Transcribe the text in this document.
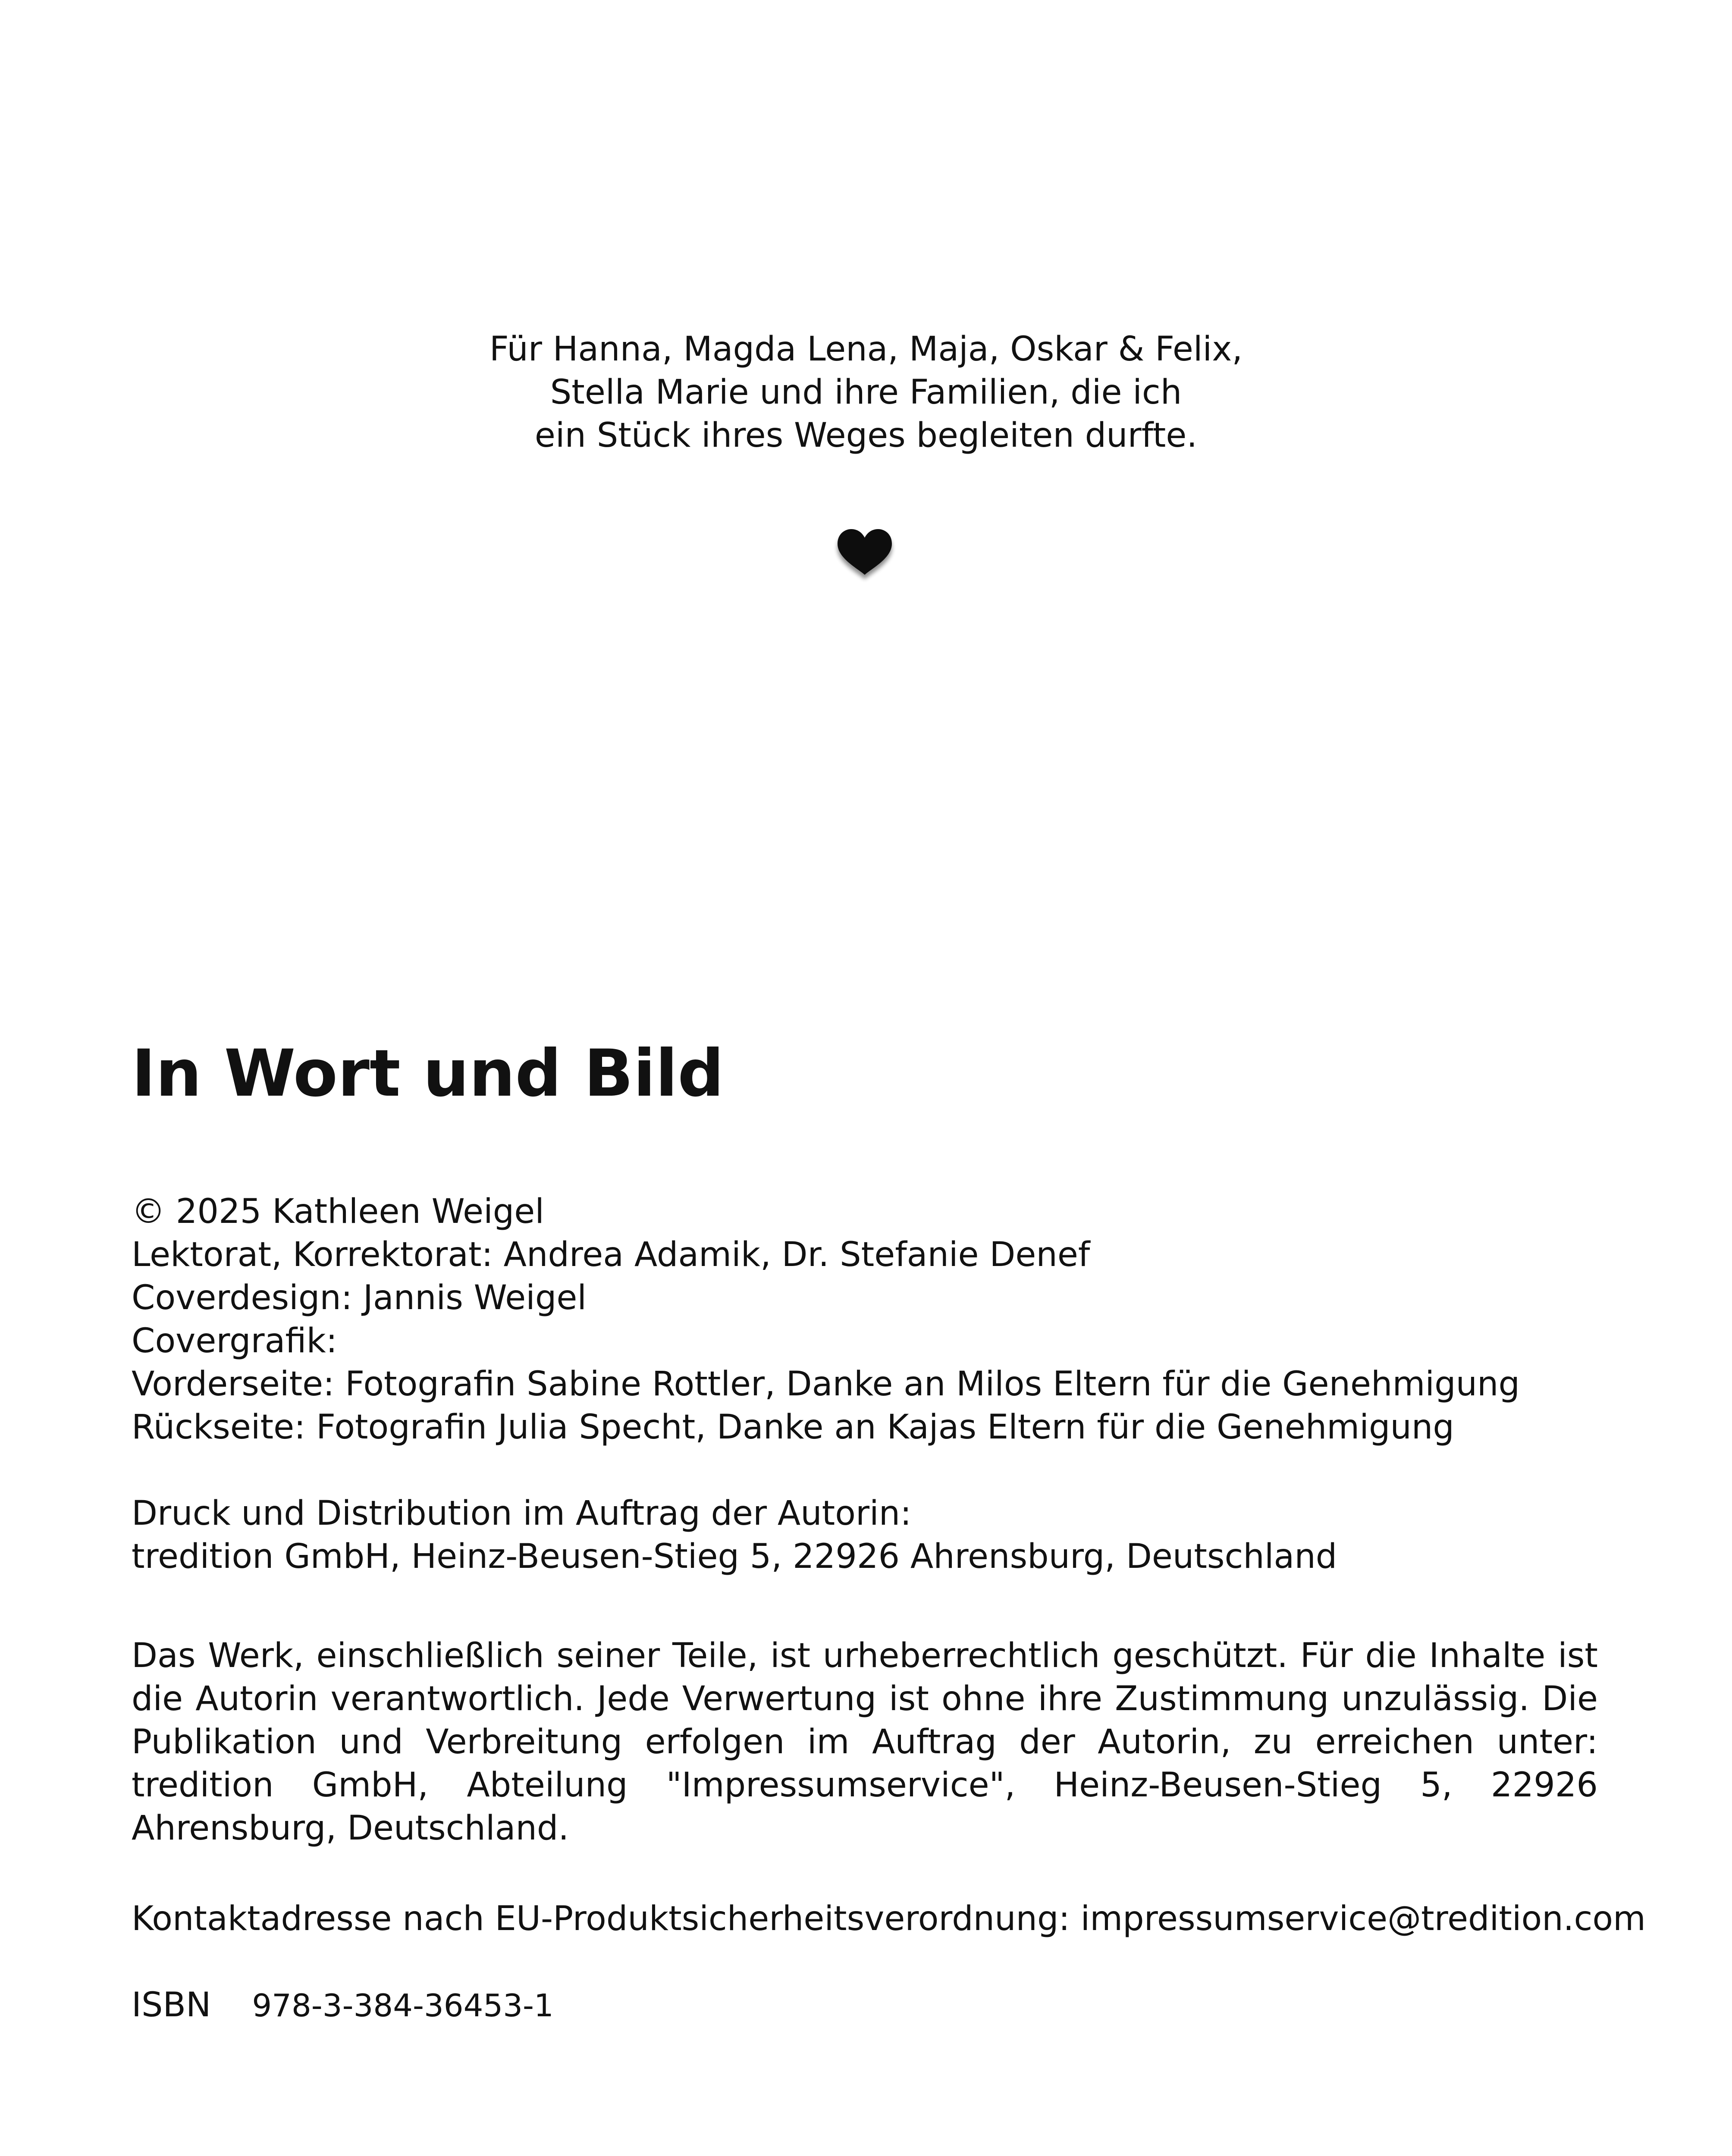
Für Hanna, Magda Lena, Maja, Oskar & Felix,
Stella Marie und ihre Familien, die ich
ein Stück ihres Weges begleiten durfte.
In Wort und Bild
© 2025 Kathleen Weigel
Lektorat, Korrektorat: Andrea Adamik, Dr. Stefanie Denef
Coverdesign: Jannis Weigel
Covergrafik:
Vorderseite: Fotografin Sabine Rottler, Danke an Milos Eltern für die Genehmigung
Rückseite: Fotografin Julia Specht, Danke an Kajas Eltern für die Genehmigung
Druck und Distribution im Auftrag der Autorin:
tredition GmbH, Heinz-Beusen-Stieg 5, 22926 Ahrensburg, Deutschland
Das Werk, einschließlich seiner Teile, ist urheberrechtlich geschützt. Für die Inhalte ist die Autorin verantwortlich. Jede Verwertung ist ohne ihre Zustimmung unzulässig. Die Publikation und Verbreitung erfolgen im Auftrag der Autorin, zu erreichen unter: tredition GmbH, Abteilung "Impressumservice", Heinz-Beusen-Stieg 5, 22926 Ahrensburg, Deutschland.
Kontaktadresse nach EU-Produktsicherheitsverordnung: impressumservice@tredition.com
ISBN 978-3-384-36453-1
